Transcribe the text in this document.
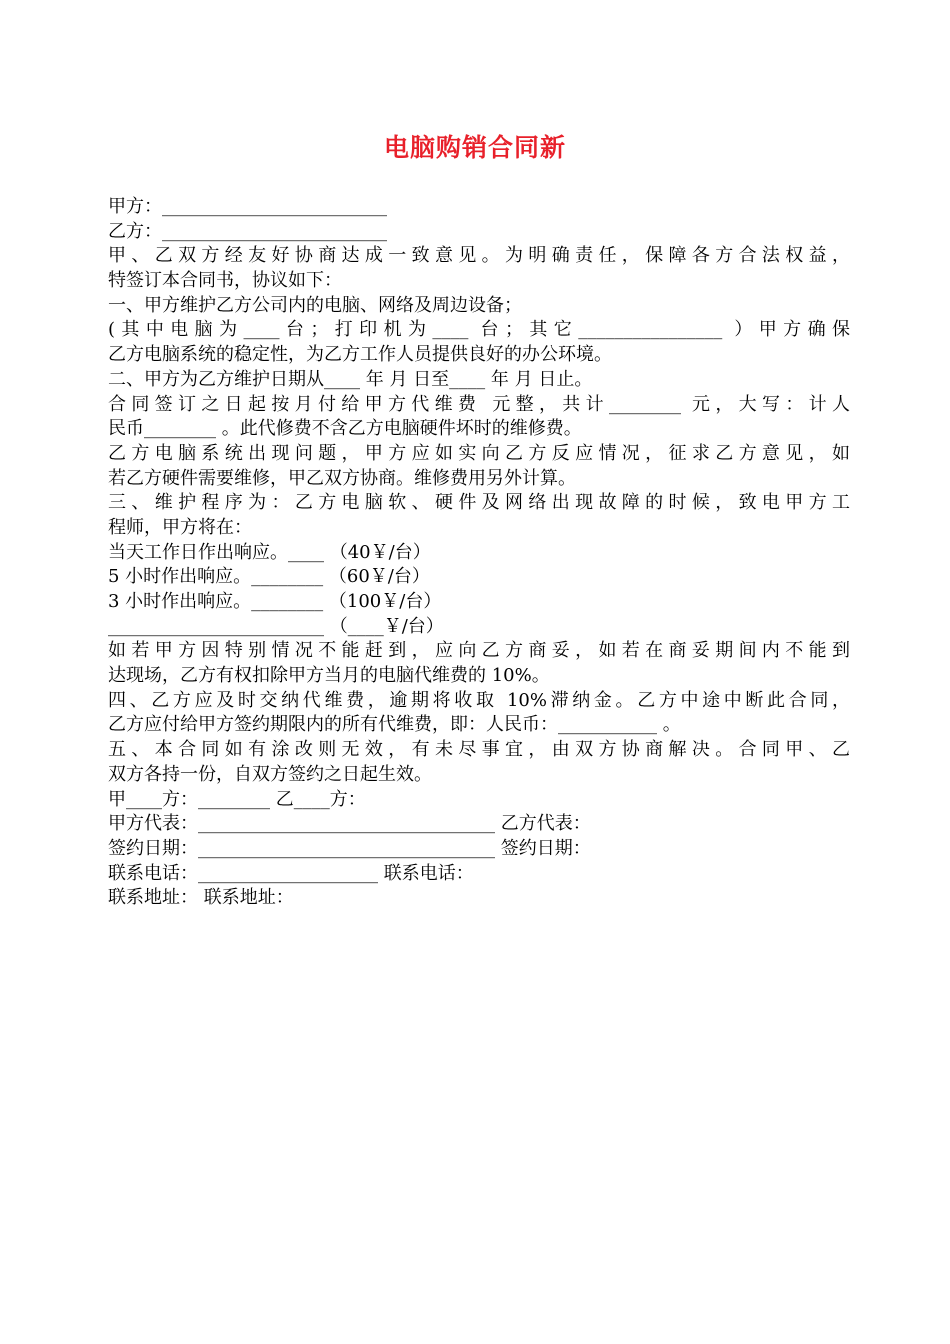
电脑购销合同新
甲方：_________________________
乙方：_________________________
甲、乙双方经友好协商达成一致意见。为明确责任，保障各方合法权益，
特签订本合同书，协议如下：
一、甲方维护乙方公司内的电脑、网络及周边设备；
(其中电脑为____台；打印机为____ 台；其它________________ ）甲方确保
乙方电脑系统的稳定性，为乙方工作人员提供良好的办公环境。
二、甲方为乙方维护日期从____ 年 月 日至____ 年 月 日止。
合同签订之日起按月付给甲方代维费 元整，共计________ 元，大写：计人
民币________ 。此代修费不含乙方电脑硬件坏时的维修费。
乙方电脑系统出现问题，甲方应如实向乙方反应情况，征求乙方意见，如
若乙方硬件需要维修，甲乙双方协商。维修费用另外计算。
三、维护程序为：乙方电脑软、硬件及网络出现故障的时候，致电甲方工
程师，甲方将在：
当天工作日作出响应。____ （40￥/台）
5 小时作出响应。________ （60￥/台）
3 小时作出响应。________ （100￥/台）
________________________ （____￥/台）
如若甲方因特别情况不能赶到，应向乙方商妥，如若在商妥期间内不能到
达现场，乙方有权扣除甲方当月的电脑代维费的 10%。
四、乙方应及时交纳代维费，逾期将收取 10%滞纳金。乙方中途中断此合同，
乙方应付给甲方签约期限内的所有代维费，即：人民币：___________ 。
五、本合同如有涂改则无效，有未尽事宜，由双方协商解决。合同甲、乙
双方各持一份，自双方签约之日起生效。
甲____方：________ 乙____方：
甲方代表：_________________________________ 乙方代表：
签约日期：_________________________________ 签约日期：
联系电话：____________________ 联系电话：
联系地址： 联系地址：
